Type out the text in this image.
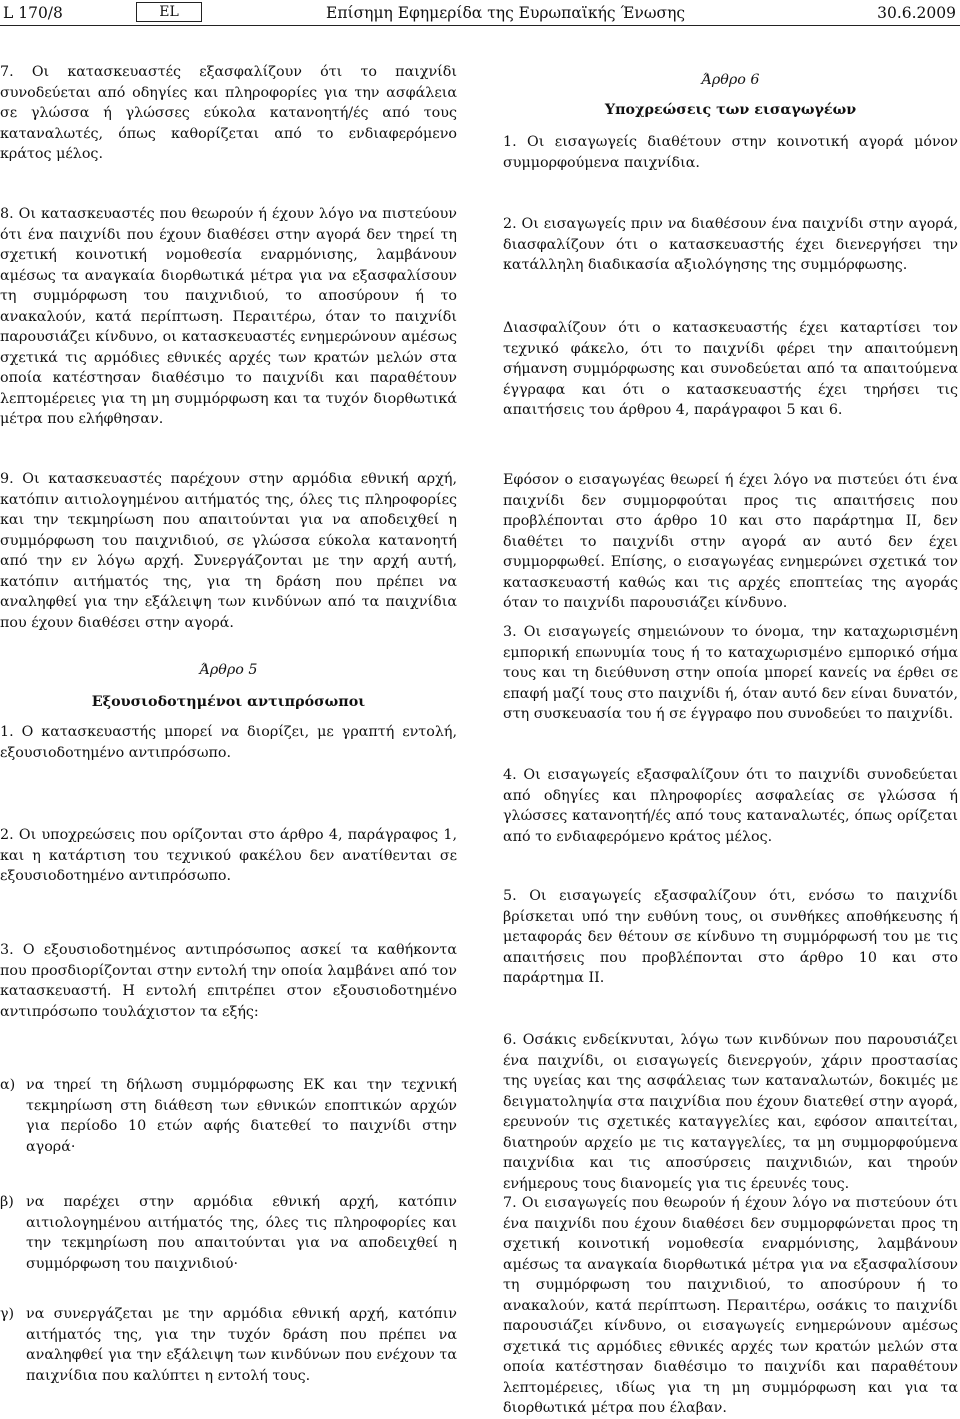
L 170/8	EL	Επίσημη Εφημερίδα της Ευρωπαϊκής Ένωσης	30.6.2009

7. Οι κατασκευαστές εξασφαλίζουν ότι το παιχνίδι συνοδεύεται από οδηγίες και πληροφορίες για την ασφάλεια σε γλώσσα ή γλώσσες εύκολα κατανοητή/ές από τους καταναλωτές, όπως καθορίζεται από το ενδιαφερόμενο κράτος μέλος.

8. Οι κατασκευαστές που θεωρούν ή έχουν λόγο να πιστεύουν ότι ένα παιχνίδι που έχουν διαθέσει στην αγορά δεν τηρεί τη σχετική κοινοτική νομοθεσία εναρμόνισης, λαμβάνουν αμέσως τα αναγκαία διορθωτικά μέτρα για να εξασφαλίσουν τη συμμόρφωση του παιχνιδιού, το αποσύρουν ή το ανακαλούν, κατά περίπτωση. Περαιτέρω, όταν το παιχνίδι παρουσιάζει κίνδυνο, οι κατασκευαστές ενημερώνουν αμέσως σχετικά τις αρμόδιες εθνικές αρχές των κρατών μελών στα οποία κατέστησαν διαθέσιμο το παιχνίδι και παραθέτουν λεπτομέρειες για τη μη συμμόρφωση και τα τυχόν διορθωτικά μέτρα που ελήφθησαν.

9. Οι κατασκευαστές παρέχουν στην αρμόδια εθνική αρχή, κατόπιν αιτιολογημένου αιτήματός της, όλες τις πληροφορίες και την τεκμηρίωση που απαιτούνται για να αποδειχθεί η συμμόρφωση του παιχνιδιού, σε γλώσσα εύκολα κατανοητή από την εν λόγω αρχή. Συνεργάζονται με την αρχή αυτή, κατόπιν αιτήματός της, για τη δράση που πρέπει να αναληφθεί για την εξάλειψη των κινδύνων από τα παιχνίδια που έχουν διαθέσει στην αγορά.

Άρθρο 5

Εξουσιοδοτημένοι αντιπρόσωποι

1. Ο κατασκευαστής μπορεί να διορίζει, με γραπτή εντολή, εξουσιοδοτημένο αντιπρόσωπο.

2. Οι υποχρεώσεις που ορίζονται στο άρθρο 4, παράγραφος 1, και η κατάρτιση του τεχνικού φακέλου δεν ανατίθενται σε εξουσιοδοτημένο αντιπρόσωπο.

3. Ο εξουσιοδοτημένος αντιπρόσωπος ασκεί τα καθήκοντα που προσδιορίζονται στην εντολή την οποία λαμβάνει από τον κατασκευαστή. Η εντολή επιτρέπει στον εξουσιοδοτημένο αντιπρόσωπο τουλάχιστον τα εξής:

α) να τηρεί τη δήλωση συμμόρφωσης ΕΚ και την τεχνική τεκμηρίωση στη διάθεση των εθνικών εποπτικών αρχών για περίοδο 10 ετών αφής διατεθεί το παιχνίδι στην αγορά·
β) να παρέχει στην αρμόδια εθνική αρχή, κατόπιν αιτιολογημένου αιτήματός της, όλες τις πληροφορίες και την τεκμηρίωση που απαιτούνται για να αποδειχθεί η συμμόρφωση του παιχνιδιού·
γ) να συνεργάζεται με την αρμόδια εθνική αρχή, κατόπιν αιτήματός της, για την τυχόν δράση που πρέπει να αναληφθεί για την εξάλειψη των κινδύνων που ενέχουν τα παιχνίδια που καλύπτει η εντολή τους.

Άρθρο 6

Υποχρεώσεις των εισαγωγέων

1. Οι εισαγωγείς διαθέτουν στην κοινοτική αγορά μόνον συμμορφούμενα παιχνίδια.

2. Οι εισαγωγείς πριν να διαθέσουν ένα παιχνίδι στην αγορά, διασφαλίζουν ότι ο κατασκευαστής έχει διενεργήσει την κατάλληλη διαδικασία αξιολόγησης της συμμόρφωσης.

Διασφαλίζουν ότι ο κατασκευαστής έχει καταρτίσει τον τεχνικό φάκελο, ότι το παιχνίδι φέρει την απαιτούμενη σήμανση συμμόρφωσης και συνοδεύεται από τα απαιτούμενα έγγραφα και ότι ο κατασκευαστής έχει τηρήσει τις απαιτήσεις του άρθρου 4, παράγραφοι 5 και 6.

Εφόσον ο εισαγωγέας θεωρεί ή έχει λόγο να πιστεύει ότι ένα παιχνίδι δεν συμμορφούται προς τις απαιτήσεις που προβλέπονται στο άρθρο 10 και στο παράρτημα II, δεν διαθέτει το παιχνίδι στην αγορά αν αυτό δεν έχει συμμορφωθεί. Επίσης, ο εισαγωγέας ενημερώνει σχετικά τον κατασκευαστή καθώς και τις αρχές εποπτείας της αγοράς όταν το παιχνίδι παρουσιάζει κίνδυνο.

3. Οι εισαγωγείς σημειώνουν το όνομα, την καταχωρισμένη εμπορική επωνυμία τους ή το καταχωρισμένο εμπορικό σήμα τους και τη διεύθυνση στην οποία μπορεί κανείς να έρθει σε επαφή μαζί τους στο παιχνίδι ή, όταν αυτό δεν είναι δυνατόν, στη συσκευασία του ή σε έγγραφο που συνοδεύει το παιχνίδι.

4. Οι εισαγωγείς εξασφαλίζουν ότι το παιχνίδι συνοδεύεται από οδηγίες και πληροφορίες ασφαλείας σε γλώσσα ή γλώσσες κατανοητή/ές από τους καταναλωτές, όπως ορίζεται από το ενδιαφερόμενο κράτος μέλος.

5. Οι εισαγωγείς εξασφαλίζουν ότι, ενόσω το παιχνίδι βρίσκεται υπό την ευθύνη τους, οι συνθήκες αποθήκευσης ή μεταφοράς δεν θέτουν σε κίνδυνο τη συμμόρφωσή του με τις απαιτήσεις που προβλέπονται στο άρθρο 10 και στο παράρτημα II.

6. Οσάκις ενδείκνυται, λόγω των κινδύνων που παρουσιάζει ένα παιχνίδι, οι εισαγωγείς διενεργούν, χάριν προστασίας της υγείας και της ασφάλειας των καταναλωτών, δοκιμές με δειγματοληψία στα παιχνίδια που έχουν διατεθεί στην αγορά, ερευνούν τις σχετικές καταγγελίες και, εφόσον απαιτείται, διατηρούν αρχείο με τις καταγγελίες, τα μη συμμορφούμενα παιχνίδια και τις αποσύρσεις παιχνιδιών, και τηρούν ενήμερους τους διανομείς για τις έρευνές τους.

7. Οι εισαγωγείς που θεωρούν ή έχουν λόγο να πιστεύουν ότι ένα παιχνίδι που έχουν διαθέσει δεν συμμορφώνεται προς τη σχετική κοινοτική νομοθεσία εναρμόνισης, λαμβάνουν αμέσως τα αναγκαία διορθωτικά μέτρα για να εξασφαλίσουν τη συμμόρφωση του παιχνιδιού, το αποσύρουν ή το ανακαλούν, κατά περίπτωση. Περαιτέρω, οσάκις το παιχνίδι παρουσιάζει κίνδυνο, οι εισαγωγείς ενημερώνουν αμέσως σχετικά τις αρμόδιες εθνικές αρχές των κρατών μελών στα οποία κατέστησαν διαθέσιμο το παιχνίδι και παραθέτουν λεπτομέρειες, ιδίως για τη μη συμμόρφωση και για τα διορθωτικά μέτρα που έλαβαν.
